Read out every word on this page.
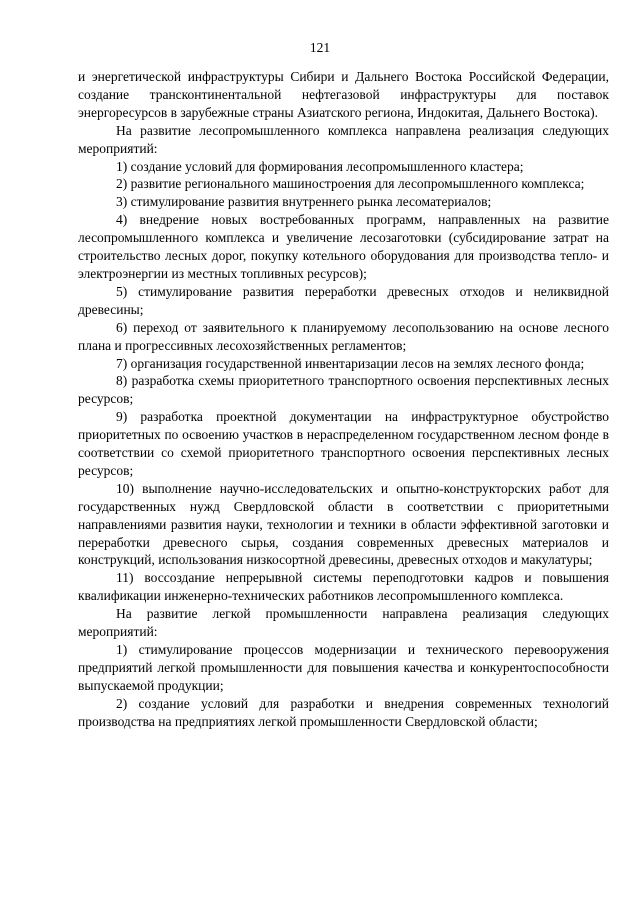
121

и энергетической инфраструктуры Сибири и Дальнего Востока Российской Федерации, создание трансконтинентальной нефтегазовой инфраструктуры для поставок энергоресурсов в зарубежные страны Азиатского региона, Индокитая, Дальнего Востока).

На развитие лесопромышленного комплекса направлена реализация следующих мероприятий:

1) создание условий для формирования лесопромышленного кластера;

2) развитие регионального машиностроения для лесопромышленного комплекса;

3) стимулирование развития внутреннего рынка лесоматериалов;

4) внедрение новых востребованных программ, направленных на развитие лесопромышленного комплекса и увеличение лесозаготовки (субсидирование затрат на строительство лесных дорог, покупку котельного оборудования для производства тепло- и электроэнергии из местных топливных ресурсов);

5) стимулирование развития переработки древесных отходов и неликвидной древесины;

6) переход от заявительного к планируемому лесопользованию на основе лесного плана и прогрессивных лесохозяйственных регламентов;

7) организация государственной инвентаризации лесов на землях лесного фонда;

8) разработка схемы приоритетного транспортного освоения перспективных лесных ресурсов;

9) разработка проектной документации на инфраструктурное обустройство приоритетных по освоению участков в нераспределенном государственном лесном фонде в соответствии со схемой приоритетного транспортного освоения перспективных лесных ресурсов;

10) выполнение научно-исследовательских и опытно-конструкторских работ для государственных нужд Свердловской области в соответствии с приоритетными направлениями развития науки, технологии и техники в области эффективной заготовки и переработки древесного сырья, создания современных древесных материалов и конструкций, использования низкосортной древесины, древесных отходов и макулатуры;

11) воссоздание непрерывной системы переподготовки кадров и повышения квалификации инженерно-технических работников лесопромышленного комплекса.

На развитие легкой промышленности направлена реализация следующих мероприятий:

1) стимулирование процессов модернизации и технического перевооружения предприятий легкой промышленности для повышения качества и конкурентоспособности выпускаемой продукции;

2) создание условий для разработки и внедрения современных технологий производства на предприятиях легкой промышленности Свердловской области;
